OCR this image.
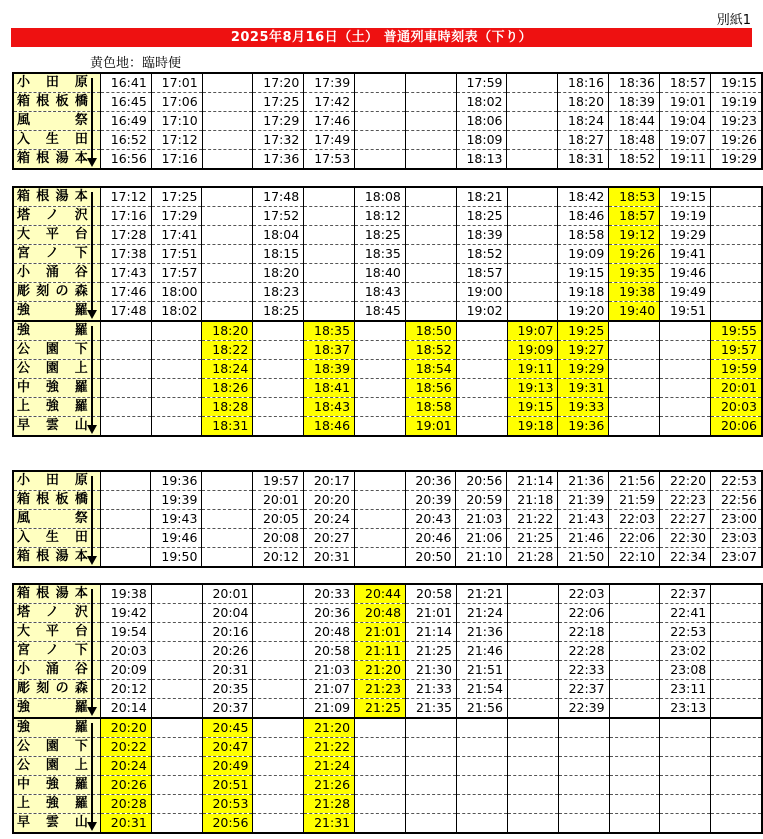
別紙1
2025年8月16日（土） 普通列車時刻表（下り）
黄色地：臨時便
小田原	16:41	17:01		17:20	17:39			17:59		18:16	18:36	18:57	19:15
箱根板橋	16:45	17:06		17:25	17:42			18:02		18:20	18:39	19:01	19:19
風祭	16:49	17:10		17:29	17:46			18:06		18:24	18:44	19:04	19:23
入生田	16:52	17:12		17:32	17:49			18:09		18:27	18:48	19:07	19:26
箱根湯本	16:56	17:16		17:36	17:53			18:13		18:31	18:52	19:11	19:29
箱根湯本	17:12	17:25		17:48		18:08		18:21		18:42	18:53	19:15	
塔ノ沢	17:16	17:29		17:52		18:12		18:25		18:46	18:57	19:19	
大平台	17:28	17:41		18:04		18:25		18:39		18:58	19:12	19:29	
宮ノ下	17:38	17:51		18:15		18:35		18:52		19:09	19:26	19:41	
小涌谷	17:43	17:57		18:20		18:40		18:57		19:15	19:35	19:46	
彫刻の森	17:46	18:00		18:23		18:43		19:00		19:18	19:38	19:49	
強羅	17:48	18:02		18:25		18:45		19:02		19:20	19:40	19:51	
強羅			18:20		18:35		18:50		19:07	19:25			19:55
公園下			18:22		18:37		18:52		19:09	19:27			19:57
公園上			18:24		18:39		18:54		19:11	19:29			19:59
中強羅			18:26		18:41		18:56		19:13	19:31			20:01
上強羅			18:28		18:43		18:58		19:15	19:33			20:03
早雲山			18:31		18:46		19:01		19:18	19:36			20:06
小田原		19:36		19:57	20:17		20:36	20:56	21:14	21:36	21:56	22:20	22:53
箱根板橋		19:39		20:01	20:20		20:39	20:59	21:18	21:39	21:59	22:23	22:56
風祭		19:43		20:05	20:24		20:43	21:03	21:22	21:43	22:03	22:27	23:00
入生田		19:46		20:08	20:27		20:46	21:06	21:25	21:46	22:06	22:30	23:03
箱根湯本		19:50		20:12	20:31		20:50	21:10	21:28	21:50	22:10	22:34	23:07
箱根湯本	19:38		20:01		20:33	20:44	20:58	21:21		22:03		22:37	
塔ノ沢	19:42		20:04		20:36	20:48	21:01	21:24		22:06		22:41	
大平台	19:54		20:16		20:48	21:01	21:14	21:36		22:18		22:53	
宮ノ下	20:03		20:26		20:58	21:11	21:25	21:46		22:28		23:02	
小涌谷	20:09		20:31		21:03	21:20	21:30	21:51		22:33		23:08	
彫刻の森	20:12		20:35		21:07	21:23	21:33	21:54		22:37		23:11	
強羅	20:14		20:37		21:09	21:25	21:35	21:56		22:39		23:13	
強羅	20:20		20:45		21:20								
公園下	20:22		20:47		21:22								
公園上	20:24		20:49		21:24								
中強羅	20:26		20:51		21:26								
上強羅	20:28		20:53		21:28								
早雲山	20:31		20:56		21:31								
